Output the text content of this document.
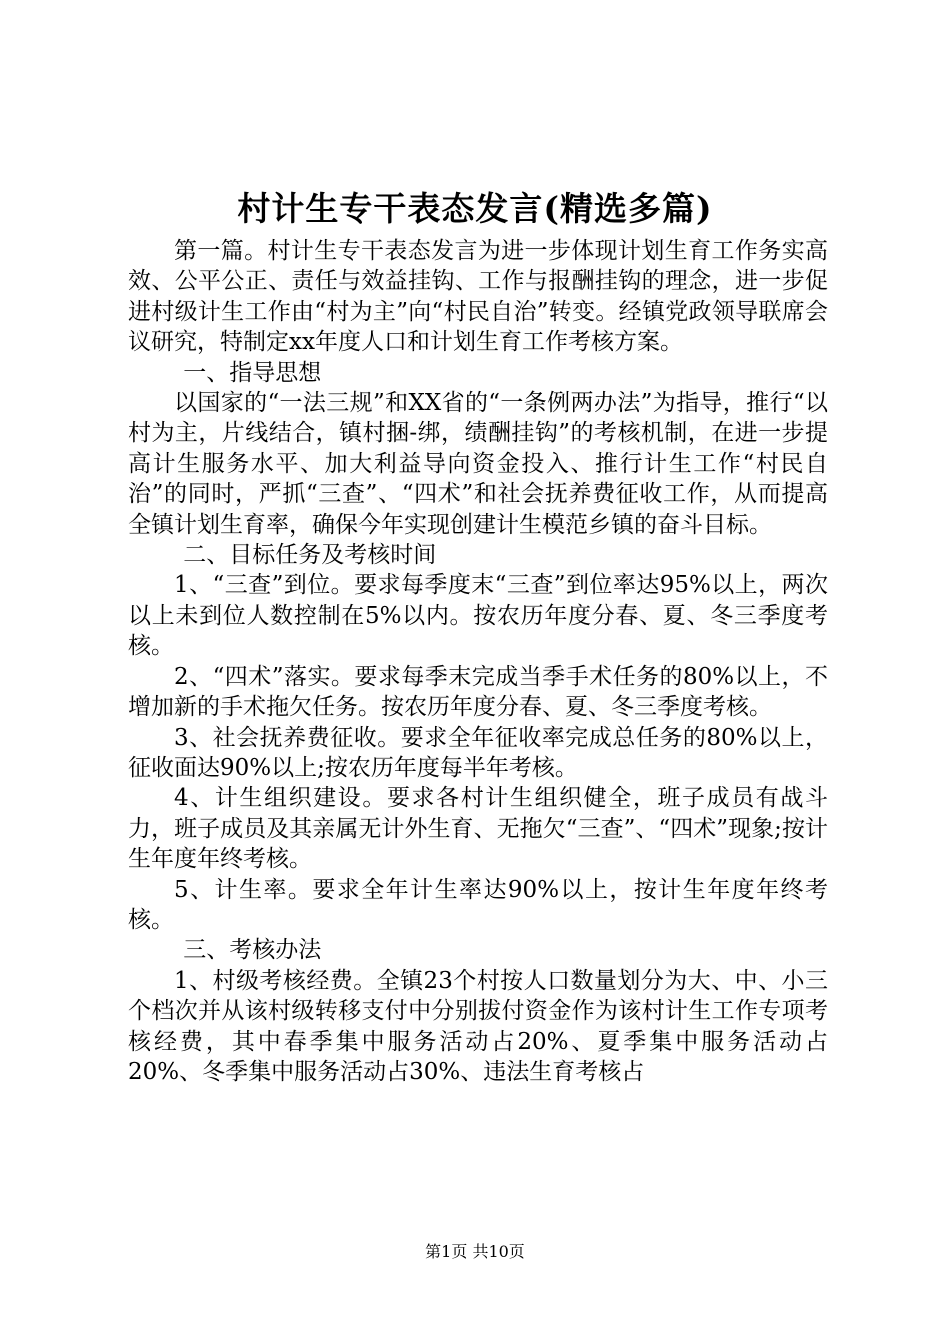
村计生专干表态发言(精选多篇)

第一篇。村计生专干表态发言为进一步体现计划生育工作务实高效、公平公正、责任与效益挂钩、工作与报酬挂钩的理念，进一步促进村级计生工作由“村为主”向“村民自治”转变。经镇党政领导联席会议研究，特制定xx年度人口和计划生育工作考核方案。

一、指导思想

以国家的“一法三规”和XX省的“一条例两办法”为指导，推行“以村为主，片线结合，镇村捆-绑，绩酬挂钩”的考核机制，在进一步提高计生服务水平、加大利益导向资金投入、推行计生工作“村民自治”的同时，严抓“三查”、“四术”和社会抚养费征收工作，从而提高全镇计划生育率，确保今年实现创建计生模范乡镇的奋斗目标。

二、目标任务及考核时间

1、“三查”到位。要求每季度末“三查”到位率达95%以上，两次以上未到位人数控制在5%以内。按农历年度分春、夏、冬三季度考核。

2、“四术”落实。要求每季末完成当季手术任务的80%以上，不增加新的手术拖欠任务。按农历年度分春、夏、冬三季度考核。

3、社会抚养费征收。要求全年征收率完成总任务的80%以上，征收面达90%以上;按农历年度每半年考核。

4、计生组织建设。要求各村计生组织健全，班子成员有战斗力，班子成员及其亲属无计外生育、无拖欠“三查”、“四术”现象;按计生年度年终考核。

5、计生率。要求全年计生率达90%以上，按计生年度年终考核。

三、考核办法

1、村级考核经费。全镇23个村按人口数量划分为大、中、小三个档次并从该村级转移支付中分别拔付资金作为该村计生工作专项考核经费，其中春季集中服务活动占20%、夏季集中服务活动占20%、冬季集中服务活动占30%、违法生育考核占

第1页 共10页
